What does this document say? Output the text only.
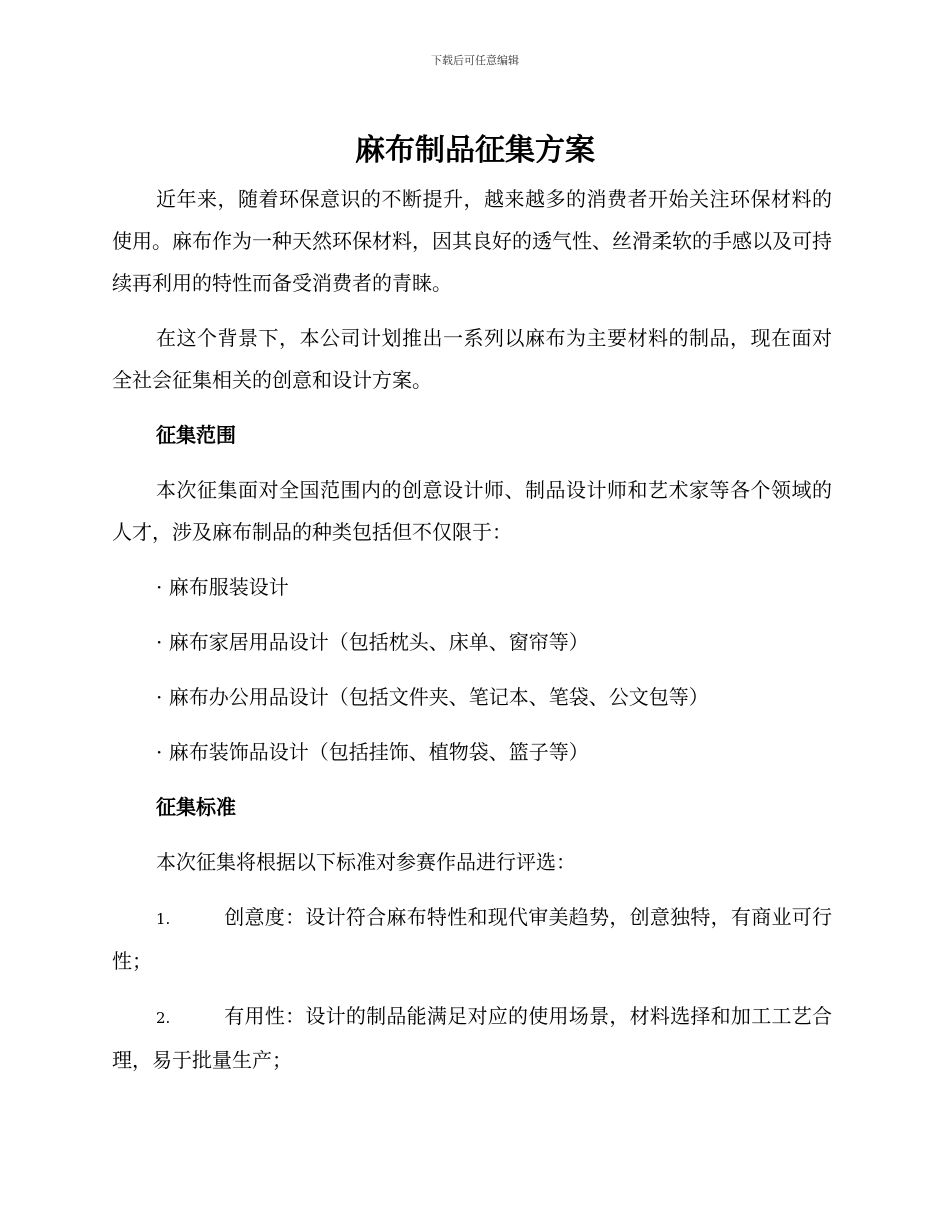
下载后可任意编辑
麻布制品征集方案

近年来，随着环保意识的不断提升，越来越多的消费者开始关注环保材料的使用。麻布作为一种天然环保材料，因其良好的透气性、丝滑柔软的手感以及可持续再利用的特性而备受消费者的青睐。

在这个背景下，本公司计划推出一系列以麻布为主要材料的制品，现在面对全社会征集相关的创意和设计方案。

征集范围

本次征集面对全国范围内的创意设计师、制品设计师和艺术家等各个领域的人才，涉及麻布制品的种类包括但不仅限于：

· 麻布服装设计
· 麻布家居用品设计（包括枕头、床单、窗帘等）
· 麻布办公用品设计（包括文件夹、笔记本、笔袋、公文包等）
· 麻布装饰品设计（包括挂饰、植物袋、篮子等）
征集标准

本次征集将根据以下标准对参赛作品进行评选：

1.	创意度：设计符合麻布特性和现代审美趋势，创意独特，有商业可行性；

2.	有用性：设计的制品能满足对应的使用场景，材料选择和加工工艺合理，易于批量生产；
